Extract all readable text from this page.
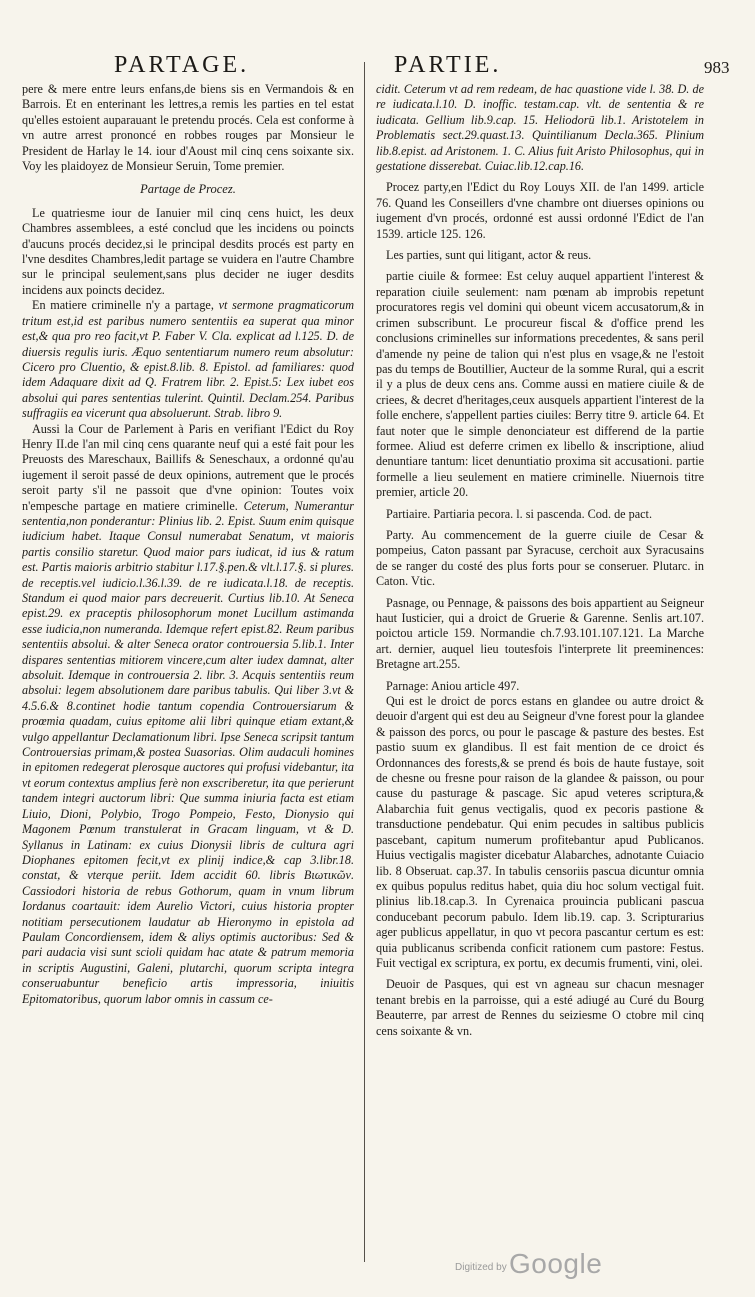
PARTAGE.	PARTIE.	983

pere & mere entre leurs enfans,de biens sis en Vermandois & en Barrois. Et en enterinant les lettres,a remis les parties en tel estat qu'elles estoient auparauant le pretendu procés. Cela est conforme à vn autre arrest prononcé en robbes rouges par Monsieur le President de Harlay le 14. iour d'Aoust mil cinq cens soixante six. Voy les plaidoyez de Monsieur Seruin, Tome premier.

Partage de Procez.

Le quatriesme iour de Ianuier mil cinq cens huict, les deux Chambres assemblees, a esté conclud que les incidens ou poincts d'aucuns procés decidez,si le principal desdits procés est party en l'vne desdites Chambres,ledit partage se vuidera en l'autre Chambre sur le principal seulement,sans plus decider ne iuger desdits incidens aux poincts decidez.

En matiere criminelle n'y a partage, vt sermone pragmaticorum tritum est,id est paribus numero sententiis ea superat qua minor est,& qua pro reo facit,vt P. Faber V. Cla. explicat ad l.125. D. de diuersis regulis iuris. Æquo sententiarum numero reum absolutur: Cicero pro Cluentio, & epist.8.lib. 8. Epistol. ad familiares: quod idem Adaquare dixit ad Q. Fratrem libr. 2. Epist.5: Lex iubet eos absolui qui pares sententias tulerint. Quintil. Declam.254. Paribus suffragiis ea vicerunt qua absoluerunt. Strab. libro 9.

Aussi la Cour de Parlement à Paris en verifiant l'Edict du Roy Henry II.de l'an mil cinq cens quarante neuf qui a esté fait pour les Preuosts des Mareschaux, Baillifs & Seneschaux, a ordonné qu'au iugement il seroit passé de deux opinions, autrement que le procés seroit party s'il ne passoit que d'vne opinion: Toutes voix n'empesche partage en matiere criminelle. Ceterum, Numerantur sententia,non ponderantur: Plinius lib. 2. Epist. Suum enim quisque iudicium habet. Itaque Consul numerabat Senatum, vt maioris partis consilio staretur. Quod maior pars iudicat, id ius & ratum est. Partis maioris arbitrio stabitur l.17.§.pen.& vlt.l.17.§. si plures. de receptis.vel iudicio.l.36.l.39. de re iudicata.l.18. de receptis. Standum ei quod maior pars decreuerit. Curtius lib.10. At Seneca epist.29. ex praceptis philosophorum monet Lucillum astimanda esse iudicia,non numeranda. Idemque refert epist.82. Reum paribus sententiis absolui. & alter Seneca orator controuersia 5.lib.1. Inter dispares sententias mitiorem vincere,cum alter iudex damnat, alter absoluit. Idemque in controuersia 2. libr. 3. Acquis sententiis reum absolui: legem absolutionem dare paribus tabulis. Qui liber 3.vt & 4.5.6.& 8.continet hodie tantum copendia Controuersiarum & proœmia quadam, cuius epitome alii libri quinque etiam extant,& vulgo appellantur Declamationum libri. Ipse Seneca scripsit tantum Controuersias primam,& postea Suasorias. Olim audaculi homines in epitomen redegerat plerosque auctores qui profusi videbantur, ita vt eorum contextus amplius ferè non exscriberetur, ita que perierunt tandem integri auctorum libri: Que summa iniuria facta est etiam Liuio, Dioni, Polybio, Trogo Pompeio, Festo, Dionysio qui Magonem Pœnum transtulerat in Gracam linguam, vt & D. Syllanus in Latinam: ex cuius Dionysii libris de cultura agri Diophanes epitomen fecit,vt ex plinij indice,& cap 3.libr.18. constat, & vterque periit. Idem accidit 60. libris Βιωτικῶν. Cassiodori historia de rebus Gothorum, quam in vnum librum Iordanus coartauit: idem Aurelio Victori, cuius historia propter notitiam persecutionem laudatur ab Hieronymo in epistola ad Paulam Concordiensem, idem & aliys optimis auctoribus: Sed & pari audacia visi sunt scioli quidam hac atate & patrum memoria in scriptis Augustini, Galeni, plutarchi, quorum scripta integra conseruabuntur beneficio artis impressoria, iniuitis Epitomatoribus, quorum labor omnis in cassum ce-

cidit. Ceterum vt ad rem redeam, de hac quastione vide l. 38. D. de re iudicata.l.10. D. inoffic. testam.cap. vlt. de sententia & re iudicata. Gellium lib.9.cap. 15. Heliodorū lib.1. Aristotelem in Problematis sect.29.quast.13. Quintilianum Decla.365. Plinium lib.8.epist. ad Aristonem. 1. C. Alius fuit Aristo Philosophus, qui in gestatione disserebat. Cuiac.lib.12.cap.16.

Procez party,en l'Edict du Roy Louys XII. de l'an 1499. article 76. Quand les Conseillers d'vne chambre ont diuerses opinions ou iugement d'vn procés, ordonné est aussi ordonné l'Edict de l'an 1539. article 125. 126.

Les parties, sunt qui litigant, actor & reus.

partie ciuile & formee: Est celuy auquel appartient l'interest & reparation ciuile seulement: nam pœnam ab improbis repetunt procuratores regis vel domini qui obeunt vicem accusatorum,& in crimen subscribunt. Le procureur fiscal & d'office prend les conclusions criminelles sur informations precedentes, & sans peril d'amende ny peine de talion qui n'est plus en vsage,& ne l'estoit pas du temps de Boutillier, Aucteur de la somme Rural, qui a escrit il y a plus de deux cens ans. Comme aussi en matiere ciuile & de criees, & decret d'heritages,ceux ausquels appartient l'interest de la folle enchere, s'appellent parties ciuiles: Berry titre 9. article 64. Et faut noter que le simple denonciateur est differend de la partie formee. Aliud est deferre crimen ex libello & inscriptione, aliud denuntiare tantum: licet denuntiatio proxima sit accusationi. partie formelle a lieu seulement en matiere criminelle. Niuernois titre premier, article 20.

Partiaire. Partiaria pecora. l. si pascenda. Cod. de pact.

Party. Au commencement de la guerre ciuile de Cesar & pompeius, Caton passant par Syracuse, cerchoit aux Syracusains de se ranger du costé des plus forts pour se conseruer. Plutarc. in Caton. Vtic.

Pasnage, ou Pennage, & paissons des bois appartient au Seigneur haut Iusticier, qui a droict de Gruerie & Garenne. Senlis art.107. poictou article 159. Normandie ch.7.93.101.107.121. La Marche art. dernier, auquel lieu toutesfois l'interprete lit preeminences: Bretagne art.255.

Parnage: Aniou article 497.

Qui est le droict de porcs estans en glandee ou autre droict & deuoir d'argent qui est deu au Seigneur d'vne forest pour la glandee & paisson des porcs, ou pour le pascage & pasture des bestes. Est pastio suum ex glandibus. Il est fait mention de ce droict és Ordonnances des forests,& se prend és bois de haute fustaye, soit de chesne ou fresne pour raison de la glandee & paisson, ou pour cause du pasturage & pascage. Sic apud veteres scriptura,& Alabarchia fuit genus vectigalis, quod ex pecoris pastione & transductione pendebatur. Qui enim pecudes in saltibus publicis pascebant, capitum numerum profitebantur apud Publicanos. Huius vectigalis magister dicebatur Alabarches, adnotante Cuiacio lib. 8 Obseruat. cap.37. In tabulis censoriis pascua dicuntur omnia ex quibus populus reditus habet, quia diu hoc solum vectigal fuit. plinius lib.18.cap.3. In Cyrenaica prouincia publicani pascua conducebant pecorum pabulo. Idem lib.19. cap. 3. Scripturarius ager publicus appellatur, in quo vt pecora pascantur certum es est: quia publicanus scribenda conficit rationem cum pastore: Festus. Fuit vectigal ex scriptura, ex portu, ex decumis frumenti, vini, olei.

Deuoir de Pasques, qui est vn agneau sur chacun mesnager tenant brebis en la parroisse, qui a esté adiugé au Curé du Bourg Beauterre, par arrest de Rennes du seiziesme O ctobre mil cinq cens soixante & vn.

Digitized by Google
